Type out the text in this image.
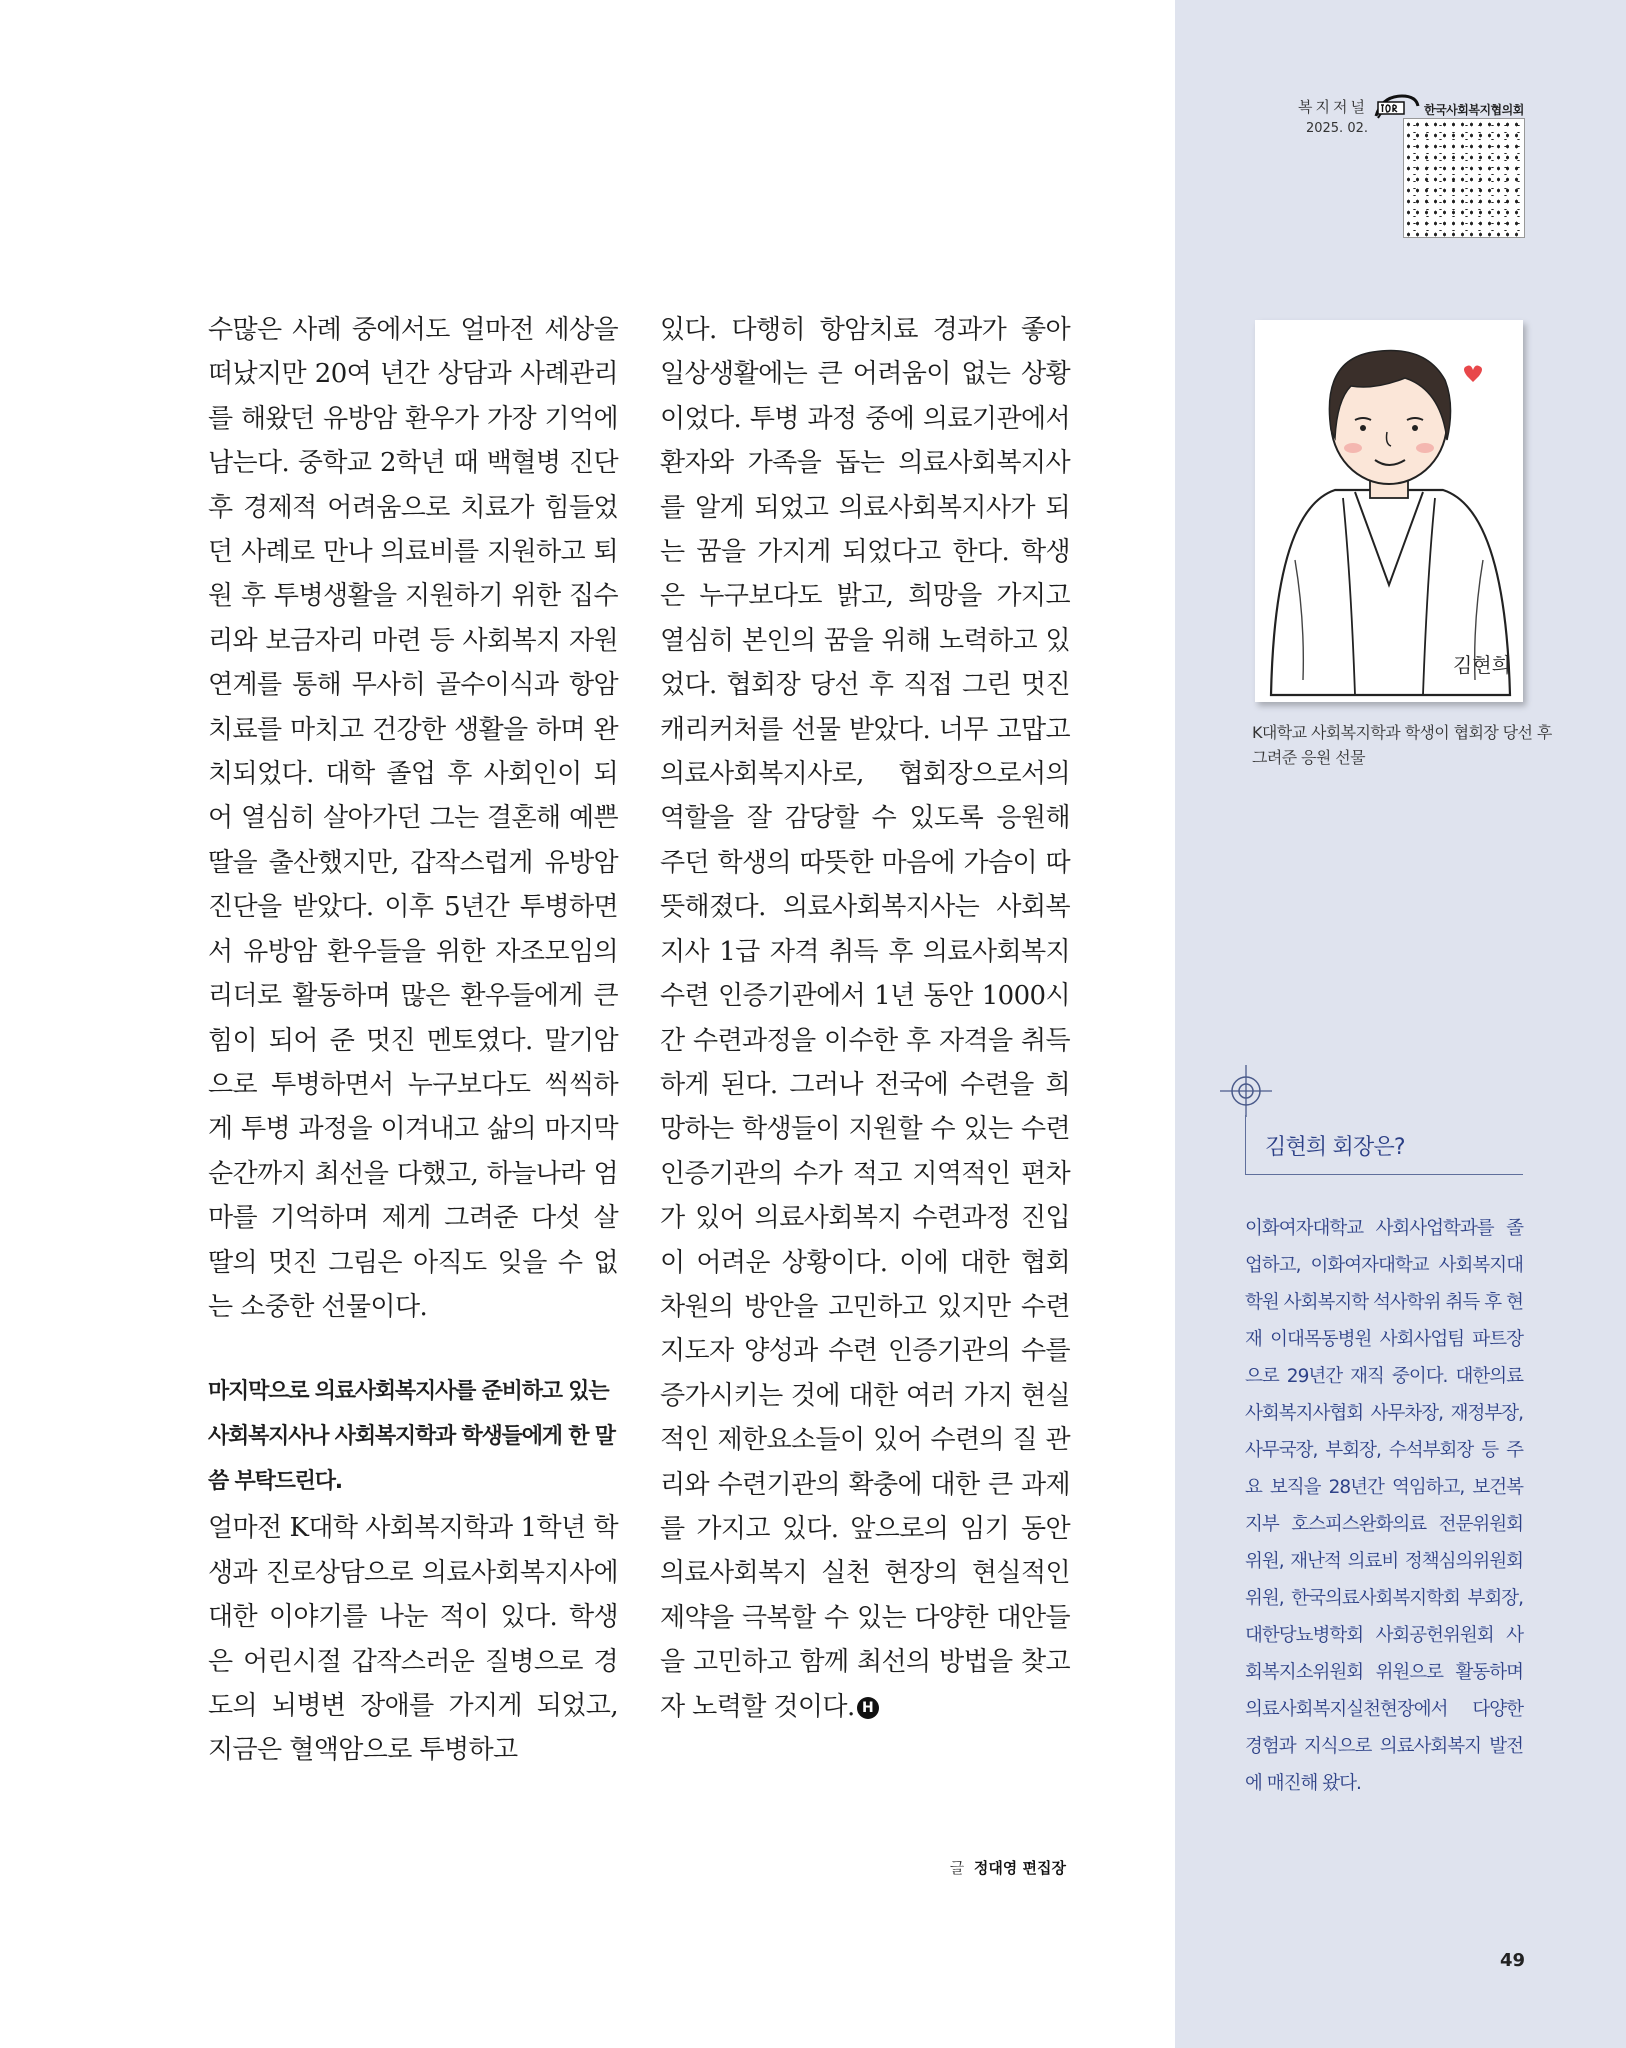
복지저널
2025. 02.
한국사회복지협의회

수많은 사례 중에서도 얼마전 세상을 떠났지만 20여 년간 상담과 사례관리를 해왔던 유방암 환우가 가장 기억에 남는다. 중학교 2학년 때 백혈병 진단 후 경제적 어려움으로 치료가 힘들었던 사례로 만나 의료비를 지원하고 퇴원 후 투병생활을 지원하기 위한 집수리와 보금자리 마련 등 사회복지 자원 연계를 통해 무사히 골수이식과 항암치료를 마치고 건강한 생활을 하며 완치되었다. 대학 졸업 후 사회인이 되어 열심히 살아가던 그는 결혼해 예쁜 딸을 출산했지만, 갑작스럽게 유방암 진단을 받았다. 이후 5년간 투병하면서 유방암 환우들을 위한 자조모임의 리더로 활동하며 많은 환우들에게 큰 힘이 되어 준 멋진 멘토였다. 말기암으로 투병하면서 누구보다도 씩씩하게 투병 과정을 이겨내고 삶의 마지막 순간까지 최선을 다했고, 하늘나라 엄마를 기억하며 제게 그려준 다섯 살 딸의 멋진 그림은 아직도 잊을 수 없는 소중한 선물이다.

마지막으로 의료사회복지사를 준비하고 있는 사회복지사나 사회복지학과 학생들에게 한 말씀 부탁드린다.

얼마전 K대학 사회복지학과 1학년 학생과 진로상담으로 의료사회복지사에 대한 이야기를 나눈 적이 있다. 학생은 어린시절 갑작스러운 질병으로 경도의 뇌병변 장애를 가지게 되었고, 지금은 혈액암으로 투병하고

있다. 다행히 항암치료 경과가 좋아 일상생활에는 큰 어려움이 없는 상황이었다. 투병 과정 중에 의료기관에서 환자와 가족을 돕는 의료사회복지사를 알게 되었고 의료사회복지사가 되는 꿈을 가지게 되었다고 한다. 학생은 누구보다도 밝고, 희망을 가지고 열심히 본인의 꿈을 위해 노력하고 있었다. 협회장 당선 후 직접 그린 멋진 캐리커처를 선물 받았다. 너무 고맙고 의료사회복지사로, 협회장으로서의 역할을 잘 감당할 수 있도록 응원해 주던 학생의 따뜻한 마음에 가슴이 따뜻해졌다. 의료사회복지사는 사회복지사 1급 자격 취득 후 의료사회복지 수련 인증기관에서 1년 동안 1000시간 수련과정을 이수한 후 자격을 취득하게 된다. 그러나 전국에 수련을 희망하는 학생들이 지원할 수 있는 수련 인증기관의 수가 적고 지역적인 편차가 있어 의료사회복지 수련과정 진입이 어려운 상황이다. 이에 대한 협회 차원의 방안을 고민하고 있지만 수련지도자 양성과 수련 인증기관의 수를 증가시키는 것에 대한 여러 가지 현실적인 제한요소들이 있어 수련의 질 관리와 수련기관의 확충에 대한 큰 과제를 가지고 있다. 앞으로의 임기 동안 의료사회복지 실천 현장의 현실적인 제약을 극복할 수 있는 다양한 대안들을 고민하고 함께 최선의 방법을 찾고자 노력할 것이다. H

글 정대영 편집장
김현희
K대학교 사회복지학과 학생이 협회장 당선 후 그려준 응원 선물
김현희 회장은?

이화여자대학교 사회사업학과를 졸업하고, 이화여자대학교 사회복지대학원 사회복지학 석사학위 취득 후 현재 이대목동병원 사회사업팀 파트장으로 29년간 재직 중이다. 대한의료사회복지사협회 사무차장, 재정부장, 사무국장, 부회장, 수석부회장 등 주요 보직을 28년간 역임하고, 보건복지부 호스피스완화의료 전문위원회 위원, 재난적 의료비 정책심의위원회 위원, 한국의료사회복지학회 부회장, 대한당뇨병학회 사회공헌위원회 사회복지소위원회 위원으로 활동하며 의료사회복지실천현장에서 다양한 경험과 지식으로 의료사회복지 발전에 매진해 왔다.

49
